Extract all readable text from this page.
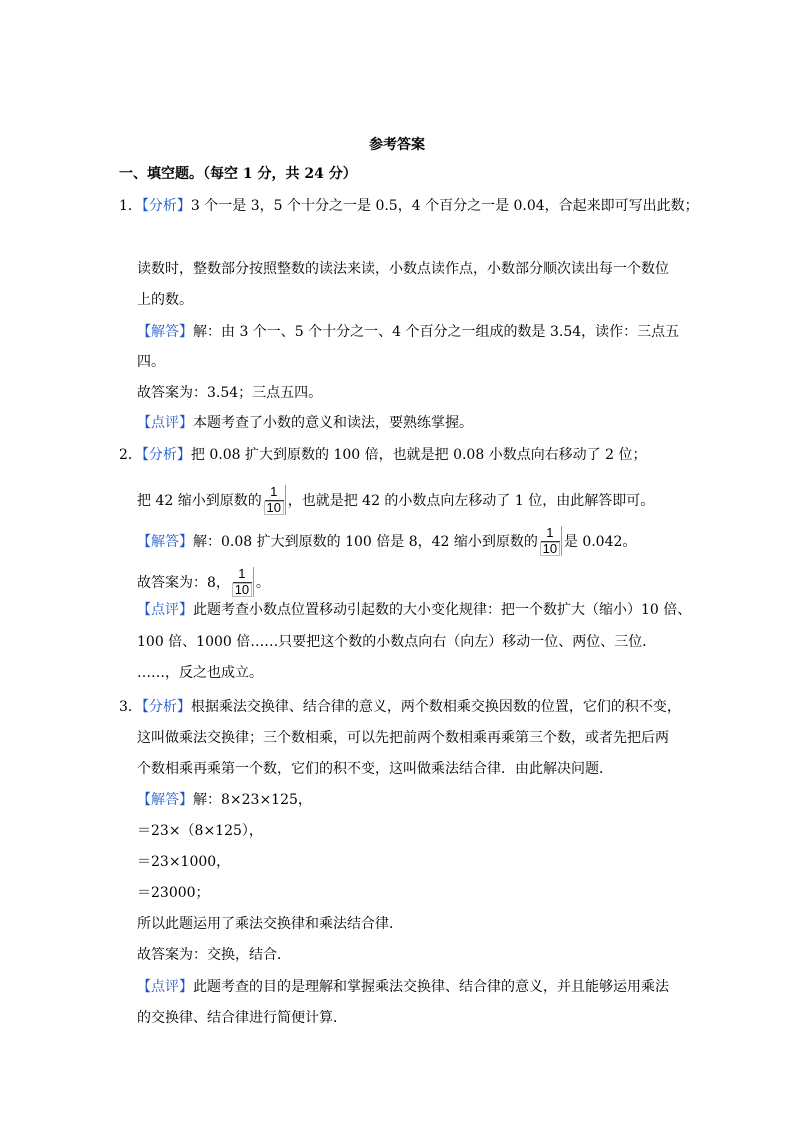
参考答案
一、填空题。（每空 1 分，共 24 分）
1．【分析】3 个一是 3，5 个十分之一是 0.5，4 个百分之一是 0.04，合起来即可写出此数；
读数时，整数部分按照整数的读法来读，小数点读作点，小数部分顺次读出每一个数位
上的数。
【解答】解：由 3 个一、5 个十分之一、4 个百分之一组成的数是 3.54，读作：三点五
四。
故答案为：3.54；三点五四。
【点评】本题考查了小数的意义和读法，要熟练掌握。
2．【分析】把 0.08 扩大到原数的 100 倍，也就是把 0.08 小数点向右移动了 2 位；
把 42 缩小到原数的 $\frac{1}{10}$ ，也就是把 42 的小数点向左移动了 1 位，由此解答即可。
【解答】解：0.08 扩大到原数的 100 倍是 8，42 缩小到原数的 $\frac{1}{10}$ 是 0.042。
故答案为：8， $\frac{1}{10}$ 。
【点评】此题考查小数点位置移动引起数的大小变化规律：把一个数扩大（缩小）10 倍、
100 倍、1000 倍……只要把这个数的小数点向右（向左）移动一位、两位、三位．
……，反之也成立。
3．【分析】根据乘法交换律、结合律的意义，两个数相乘交换因数的位置，它们的积不变，
这叫做乘法交换律；三个数相乘，可以先把前两个数相乘再乘第三个数，或者先把后两
个数相乘再乘第一个数，它们的积不变，这叫做乘法结合律．由此解决问题．
【解答】解：8×23×125，
＝23×（8×125），
＝23×1000，
＝23000；
所以此题运用了乘法交换律和乘法结合律．
故答案为：交换，结合．
【点评】此题考查的目的是理解和掌握乘法交换律、结合律的意义，并且能够运用乘法
的交换律、结合律进行简便计算．
